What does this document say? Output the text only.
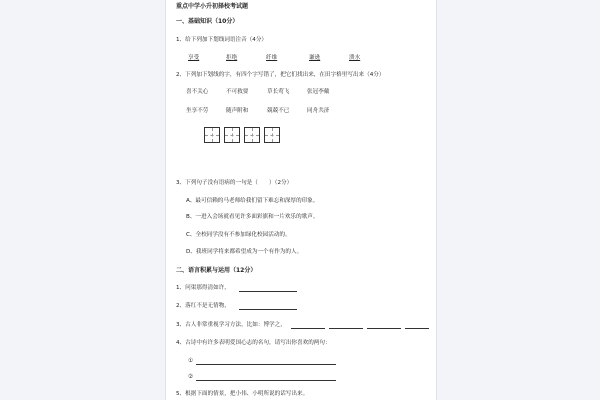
重点中学小升初择校考试题
一、基础知识（10分）
1、给下列加下划线词语注音（4分）
享受	拒绝	纤维	谦逊	溃水
2、下列加下划线的字，有四个字写错了，把它们找出来，在田字格里写出来（4分）
喜不关心	不可救要	草长莺飞	张冠李戴
坐享不劳	随声附和	兢兢不已	同舟共济
3、下列句子没有语病的一句是（　　）（2分）
A、最可信赖的马老师给我们留下难忘和深厚的印象。
B、一进入会场就看见许多面彩旗和一片欢乐的歌声。
C、全校同学没有不参加绿化校园活动的。
D、我班同学将来都希望成为一个有作为的人。
二、语言积累与运用（12分）
1、问渠那得清如许，
2、落红不是无情物，
3、古人非常重视学习方法，比如：博学之，
4、古诗中有许多表明爱国心志的名句，请写出你喜欢的两句：
①
②
5、根据下面的情景，把小伟、小明所说的话写出来。
